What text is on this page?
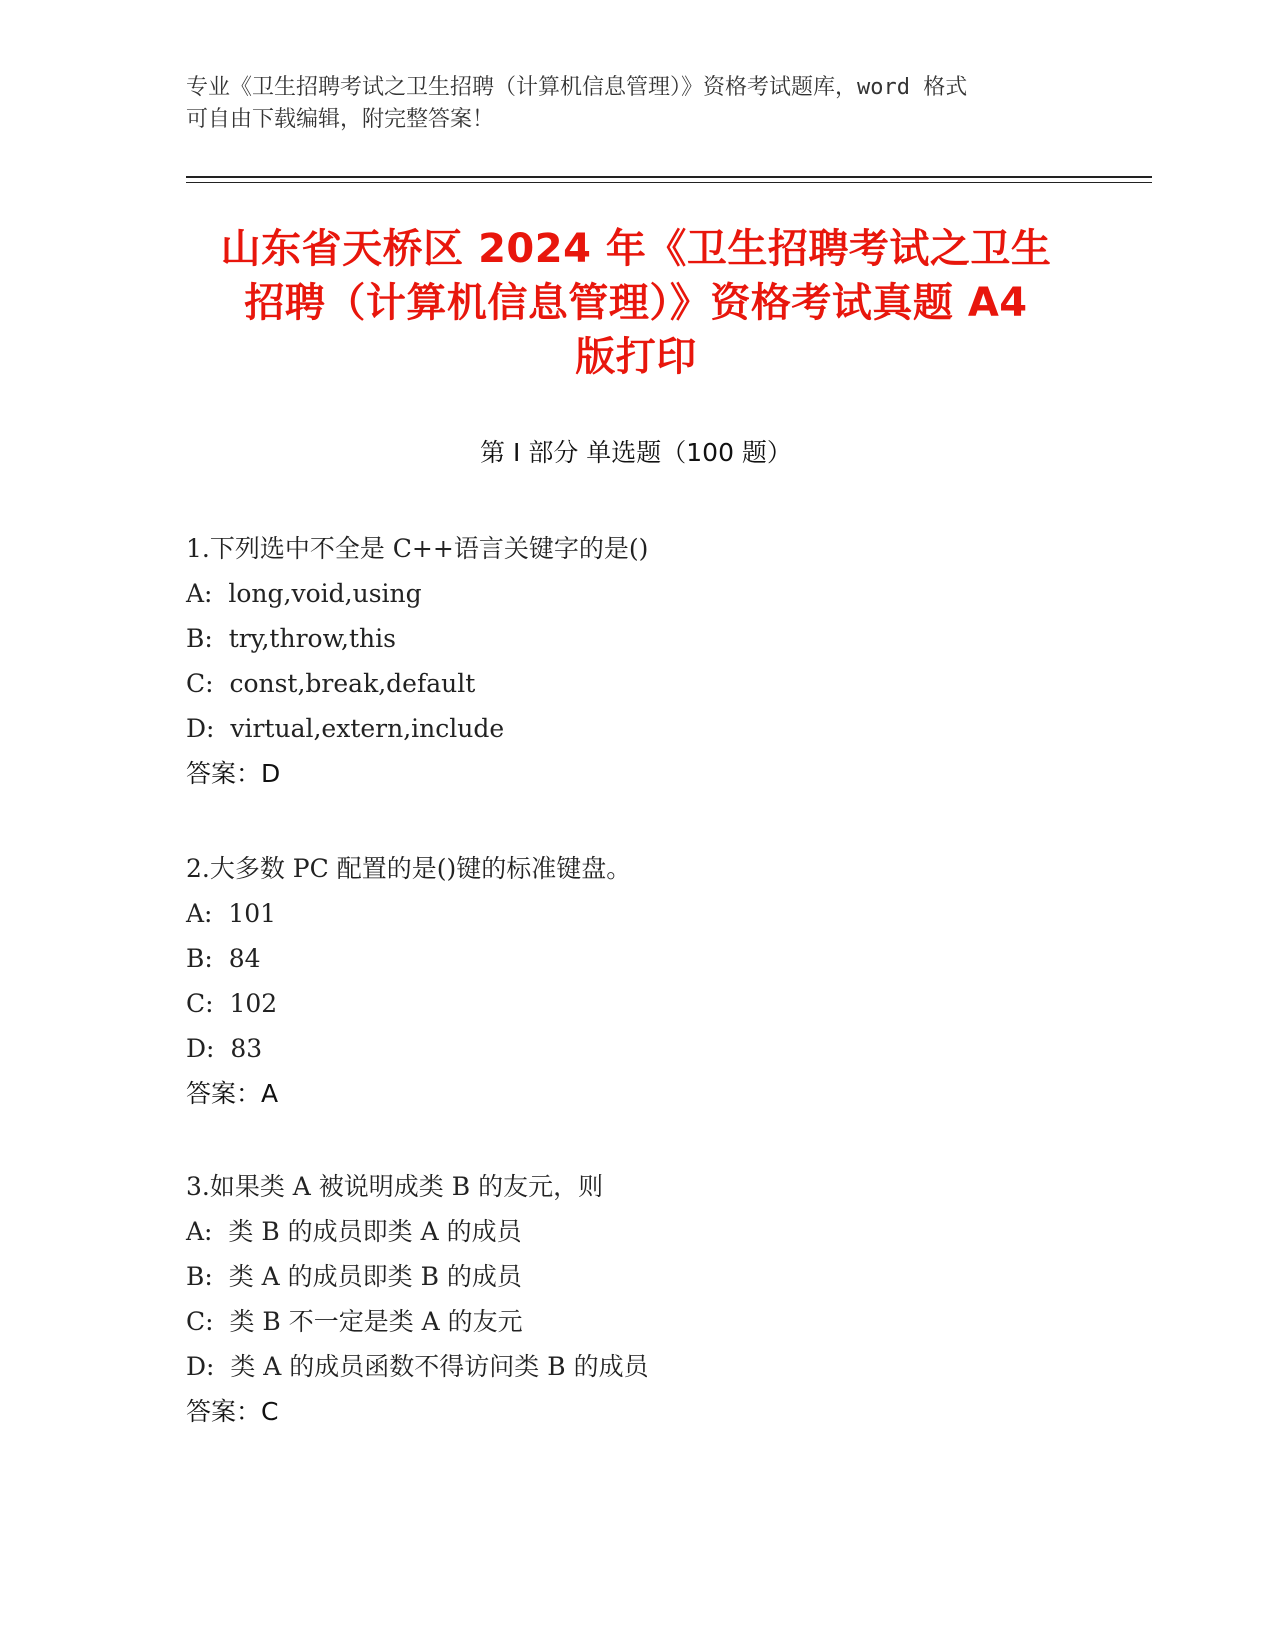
专业《卫生招聘考试之卫生招聘（计算机信息管理）》资格考试题库，word 格式
可自由下载编辑，附完整答案！
山东省天桥区 2024 年《卫生招聘考试之卫生
招聘（计算机信息管理）》资格考试真题 A4
版打印
第 I 部分 单选题（100 题）
1.下列选中不全是 C++语言关键字的是()
A:  long,void,using
B:  try,throw,this
C:  const,break,default
D:  virtual,extern,include
答案：D
2.大多数 PC 配置的是()键的标准键盘。
A:  101
B:  84
C:  102
D:  83
答案：A
3.如果类 A 被说明成类 B 的友元，则
A:  类 B 的成员即类 A 的成员
B:  类 A 的成员即类 B 的成员
C:  类 B 不一定是类 A 的友元
D:  类 A 的成员函数不得访问类 B 的成员
答案：C
